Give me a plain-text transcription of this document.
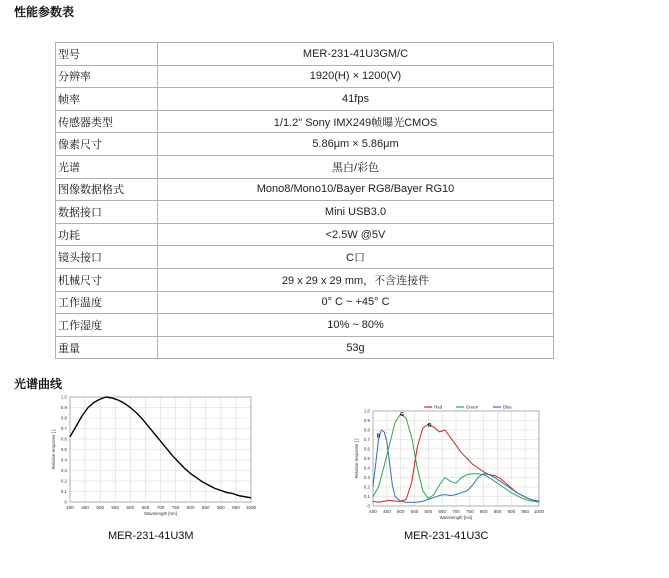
性能参数表
型号	MER-231-41U3GM/C
分辨率	1920(H) × 1200(V)
帧率	41fps
传感器类型	1/1.2" Sony IMX249帧曝光CMOS
像素尺寸	5.86μm × 5.86μm
光谱	黑白/彩色
图像数据格式	Mono8/Mono10/Bayer RG8/Bayer RG10
数据接口	Mini USB3.0
功耗	<2.5W @5V
镜头接口	C口
机械尺寸	29 x 29 x 29 mm，不含连接件
工作温度	0° C ~ +45° C
工作湿度	10% ~ 80%
重量	53g
光谱曲线
400 450 500 550 600 650 700 750 800 850 900 950 1000
0
0.1
0.2
0.3
0.4
0.5
0.6
0.7
0.8
0.9
1.0
Wavelength [nm]
Relative response [ ]
400 450 500 550 600 650 700 750 800 850 900 950 1000
0
0.1
0.2
0.3
0.4
0.5
0.6
0.7
0.8
0.9
1.0
Wavelength [nm]
Relative response [ ]
B
G
R
Red	Green	Blue
MER-231-41U3M	MER-231-41U3C
